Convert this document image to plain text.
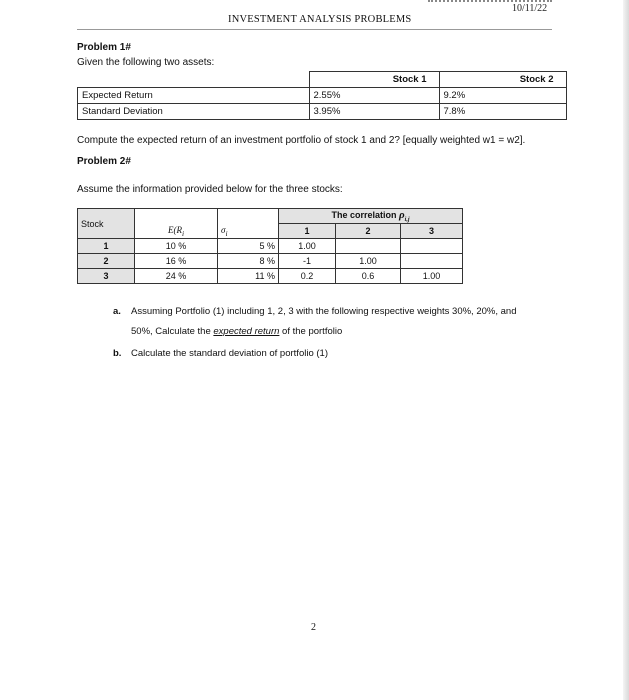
10/11/22
INVESTMENT ANALYSIS PROBLEMS
Problem 1#
Given the following two assets:
	Stock 1	Stock 2
Expected Return	2.55%	9.2%
Standard Deviation	3.95%	7.8%
Compute the expected return of an investment portfolio of stock 1 and 2? [equally weighted w1 = w2].
Problem 2#
Assume the information provided below for the three stocks:
Stock	$E(R_i$	$\sigma_i$	The correlation $\rho_{i,j}$
			1	2	3
1	10 %	5 %	1.00		
2	16 %	8 %	-1	1.00	
3	24 %	11 %	0.2	0.6	1.00
a. Assuming Portfolio (1) including 1, 2, 3 with the following respective weights 30%, 20%, and
50%, Calculate the expected return of the portfolio
b. Calculate the standard deviation of portfolio (1)
2
